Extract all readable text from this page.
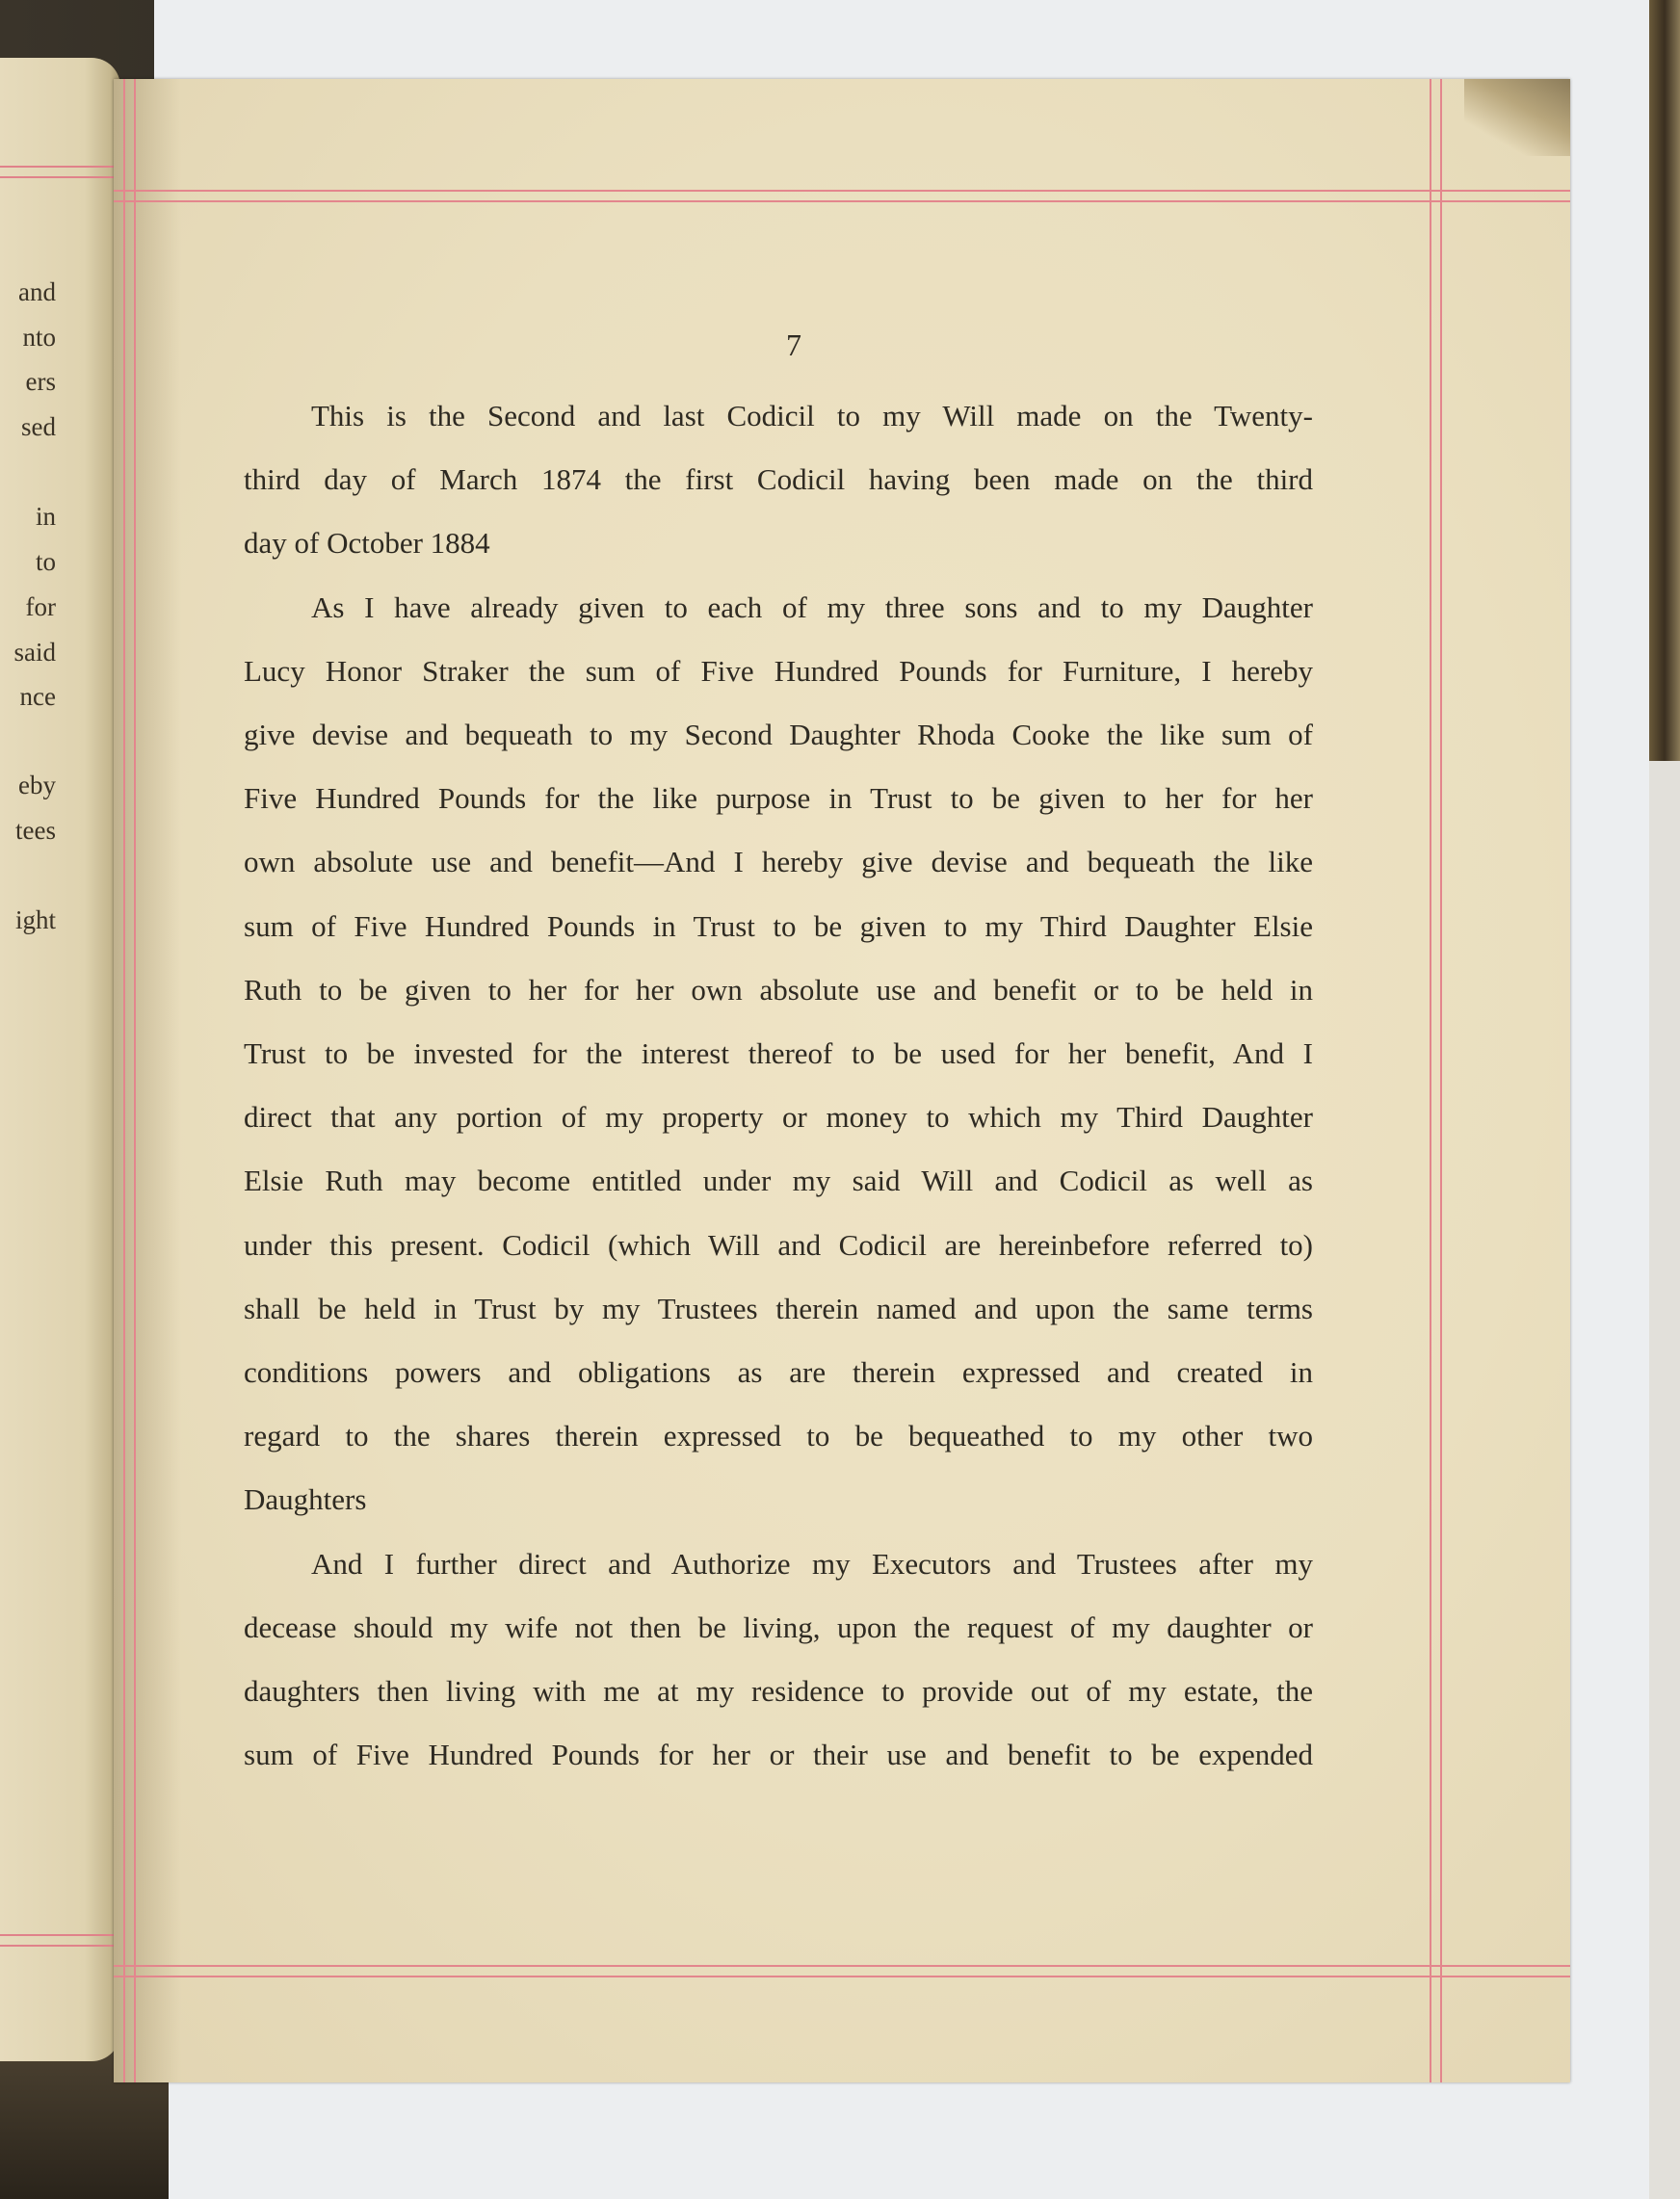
and
nto
ers
sed
in
to
for
said
nce
eby
tees
ight
7
This is the Second and last Codicil to my Will made on the Twenty-
third day of March 1874 the first Codicil having been made on the third
day of October 1884
As I have already given to each of my three sons and to my Daughter
Lucy Honor Straker the sum of Five Hundred Pounds for Furniture, I hereby
give devise and bequeath to my Second Daughter Rhoda Cooke the like sum of
Five Hundred Pounds for the like purpose in Trust to be given to her for her
own absolute use and benefit—And I hereby give devise and bequeath the like
sum of Five Hundred Pounds in Trust to be given to my Third Daughter Elsie
Ruth to be given to her for her own absolute use and benefit or to be held in
Trust to be invested for the interest thereof to be used for her benefit, And I
direct that any portion of my property or money to which my Third Daughter
Elsie Ruth may become entitled under my said Will and Codicil as well as
under this present. Codicil (which Will and Codicil are hereinbefore referred to)
shall be held in Trust by my Trustees therein named and upon the same terms
conditions powers and obligations as are therein expressed and created in
regard to the shares therein expressed to be bequeathed to my other two
Daughters
And I further direct and Authorize my Executors and Trustees after my
decease should my wife not then be living, upon the request of my daughter or
daughters then living with me at my residence to provide out of my estate, the
sum of Five Hundred Pounds for her or their use and benefit to be expended
